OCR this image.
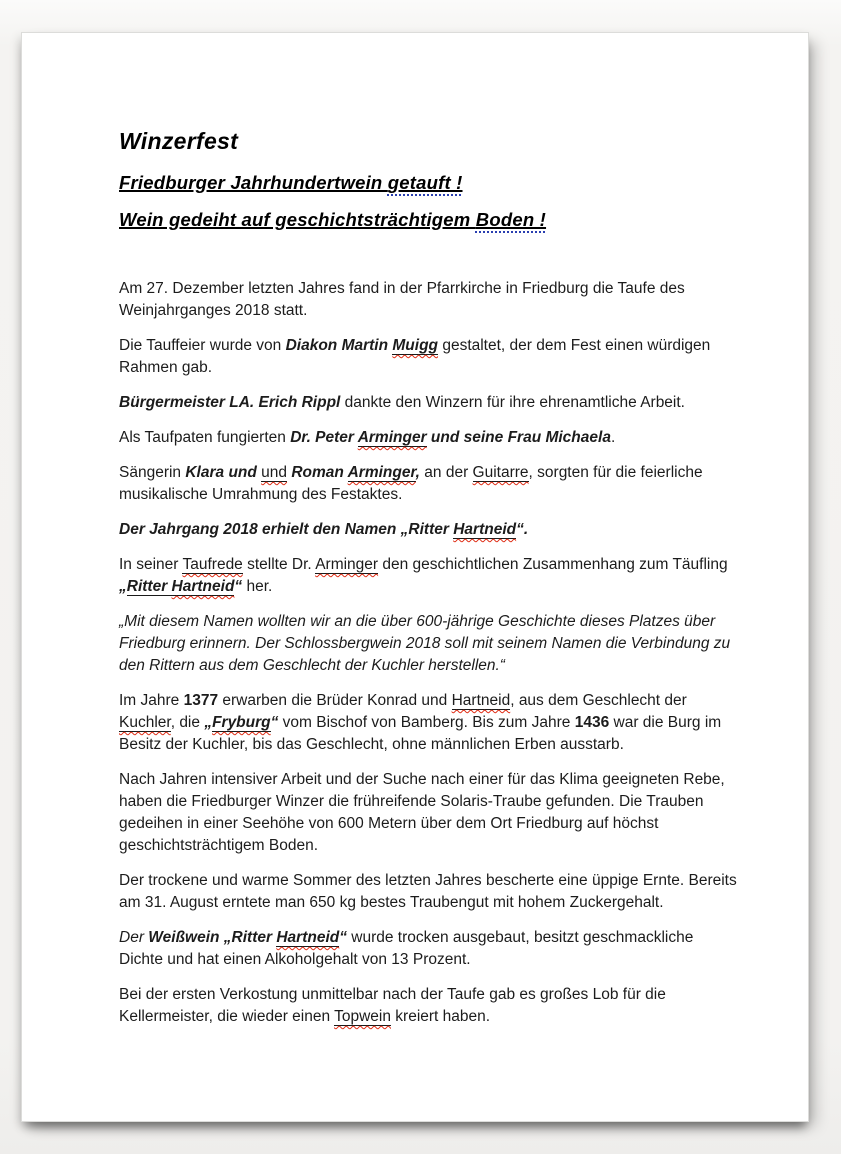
Winzerfest
Friedburger Jahrhundertwein getauft !
Wein gedeiht auf geschichtsträchtigem Boden !

Am 27. Dezember letzten Jahres fand in der Pfarrkirche in Friedburg die Taufe des Weinjahrganges 2018 statt.

Die Tauffeier wurde von Diakon Martin Muigg gestaltet, der dem Fest einen würdigen Rahmen gab.

Bürgermeister LA. Erich Rippl dankte den Winzern für ihre ehrenamtliche Arbeit.

Als Taufpaten fungierten Dr. Peter Arminger und seine Frau Michaela.

Sängerin Klara und und Roman Arminger, an der Guitarre, sorgten für die feierliche musikalische Umrahmung des Festaktes.

Der Jahrgang 2018 erhielt den Namen „Ritter Hartneid“.

In seiner Taufrede stellte Dr. Arminger den geschichtlichen Zusammenhang zum Täufling „Ritter Hartneid“ her.

„Mit diesem Namen wollten wir an die über 600-jährige Geschichte dieses Platzes über Friedburg erinnern. Der Schlossbergwein 2018 soll mit seinem Namen die Verbindung zu den Rittern aus dem Geschlecht der Kuchler herstellen.“

Im Jahre 1377 erwarben die Brüder Konrad und Hartneid, aus dem Geschlecht der Kuchler, die „Fryburg“ vom Bischof von Bamberg. Bis zum Jahre 1436 war die Burg im Besitz der Kuchler, bis das Geschlecht, ohne männlichen Erben ausstarb.

Nach Jahren intensiver Arbeit und der Suche nach einer für das Klima geeigneten Rebe, haben die Friedburger Winzer die frühreifende Solaris-Traube gefunden. Die Trauben gedeihen in einer Seehöhe von 600 Metern über dem Ort Friedburg auf höchst geschichtsträchtigem Boden.

Der trockene und warme Sommer des letzten Jahres bescherte eine üppige Ernte. Bereits am 31. August erntete man 650 kg bestes Traubengut mit hohem Zuckergehalt.

Der Weißwein „Ritter Hartneid“ wurde trocken ausgebaut, besitzt geschmackliche Dichte und hat einen Alkoholgehalt von 13 Prozent.

Bei der ersten Verkostung unmittelbar nach der Taufe gab es großes Lob für die Kellermeister, die wieder einen Topwein kreiert haben.
